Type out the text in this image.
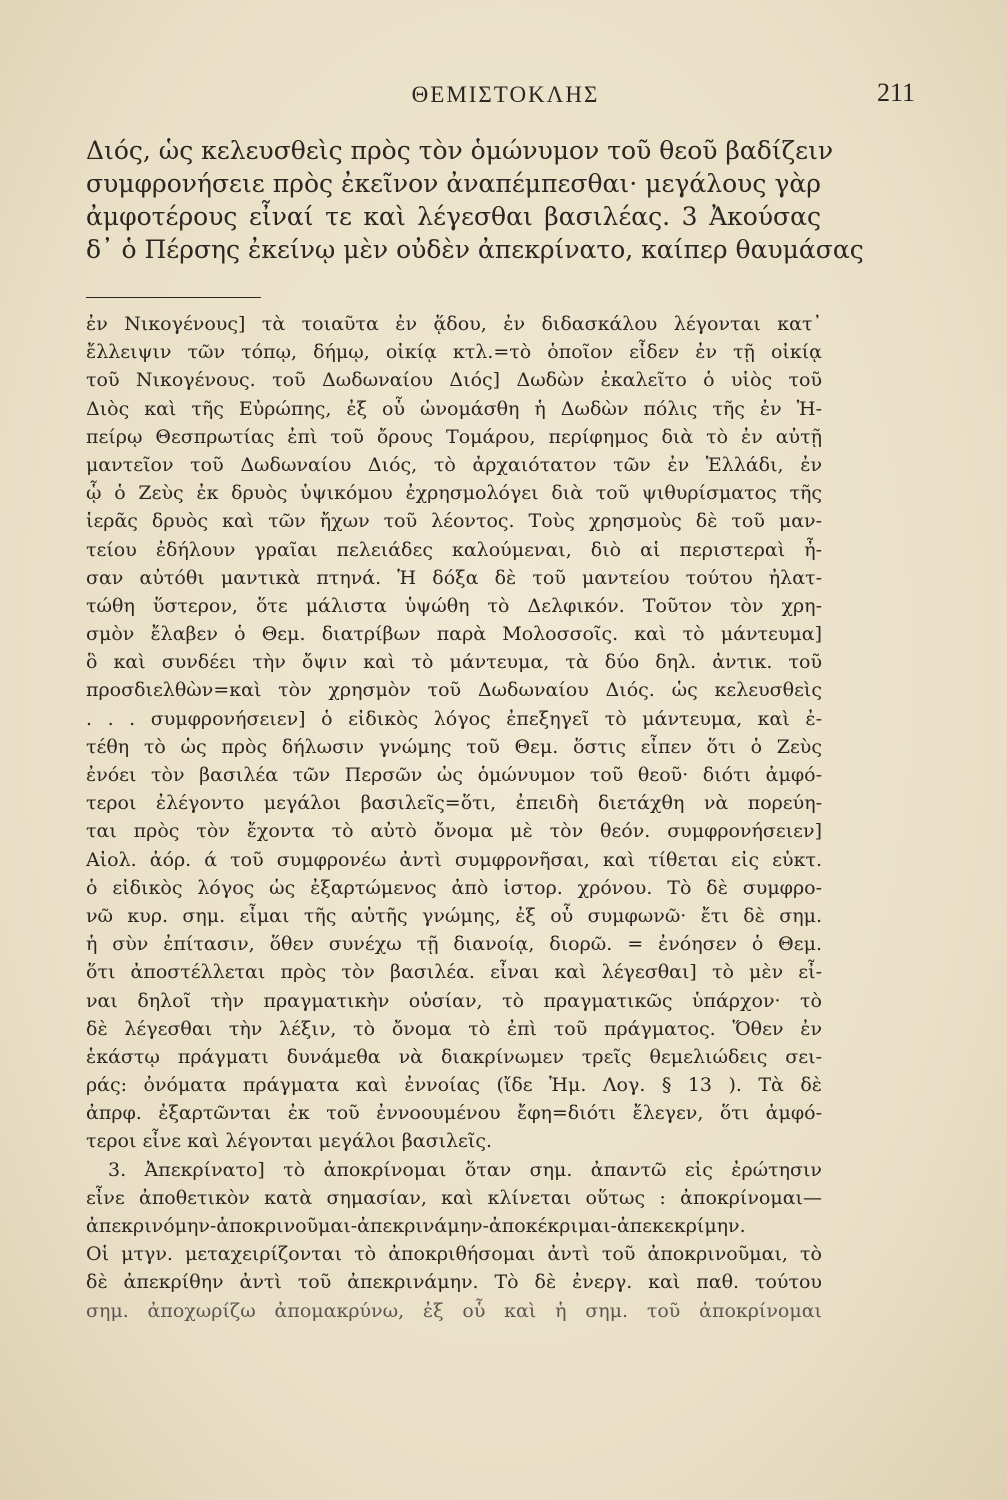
ΘΕΜΙΣΤΟΚΛΗΣ	211
Διός, ὡς κελευσθεὶς πρὸς τὸν ὁμώνυμον τοῦ θεοῦ βαδίζειν
συμφρονήσειε πρὸς ἐκεῖνον ἀναπέμπεσθαι· μεγάλους γὰρ
ἀμφοτέρους εἶναί τε καὶ λέγεσθαι βασιλέας. 3 Ἀκούσας
δ᾽ ὁ Πέρσης ἐκείνῳ μὲν οὐδὲν ἀπεκρίνατο, καίπερ θαυμάσας
ἐν Νικογένους] τὰ τοιαῦτα ἐν ᾅδου, ἐν διδασκάλου λέγονται κατ᾽
ἔλλειψιν τῶν τόπῳ, δήμῳ, οἰκίᾳ κτλ.=τὸ ὁποῖον εἶδεν ἐν τῇ οἰκίᾳ
τοῦ Νικογένους. τοῦ Δωδωναίου Διός] Δωδὼν ἐκαλεῖτο ὁ υἱὸς τοῦ
Διὸς καὶ τῆς Εὐρώπης, ἐξ οὗ ὠνομάσθη ἡ Δωδὼν πόλις τῆς ἐν Ἠ-
πείρῳ Θεσπρωτίας ἐπὶ τοῦ ὄρους Τομάρου, περίφημος διὰ τὸ ἐν αὐτῇ
μαντεῖον τοῦ Δωδωναίου Διός, τὸ ἀρχαιότατον τῶν ἐν Ἑλλάδι, ἐν
ᾧ ὁ Ζεὺς ἐκ δρυὸς ὑψικόμου ἐχρησμολόγει διὰ τοῦ ψιθυρίσματος τῆς
ἱερᾶς δρυὸς καὶ τῶν ἤχων τοῦ λέοντος. Τοὺς χρησμοὺς δὲ τοῦ μαν-
τείου ἐδήλουν γραῖαι πελειάδες καλούμεναι, διὸ αἱ περιστεραὶ ἦ-
σαν αὐτόθι μαντικὰ πτηνά. Ἡ δόξα δὲ τοῦ μαντείου τούτου ἠλατ-
τώθη ὕστερον, ὅτε μάλιστα ὑψώθη τὸ Δελφικόν. Τοῦτον τὸν χρη-
σμὸν ἔλαβεν ὁ Θεμ. διατρίβων παρὰ Μολοσσοῖς. καὶ τὸ μάντευμα]
ὃ καὶ συνδέει τὴν ὄψιν καὶ τὸ μάντευμα, τὰ δύο δηλ. ἀντικ. τοῦ
προσδιελθὼν=καὶ τὸν χρησμὸν τοῦ Δωδωναίου Διός. ὡς κελευσθεὶς
. . . συμφρονήσειεν] ὁ εἰδικὸς λόγος ἐπεξηγεῖ τὸ μάντευμα, καὶ ἐ-
τέθη τὸ ὡς πρὸς δήλωσιν γνώμης τοῦ Θεμ. ὅστις εἶπεν ὅτι ὁ Ζεὺς
ἐνόει τὸν βασιλέα τῶν Περσῶν ὡς ὁμώνυμον τοῦ θεοῦ· διότι ἀμφό-
τεροι ἐλέγοντο μεγάλοι βασιλεῖς=ὅτι, ἐπειδὴ διετάχθη νὰ πορεύη-
ται πρὸς τὸν ἔχοντα τὸ αὐτὸ ὄνομα μὲ τὸν θεόν. συμφρονήσειεν]
Αἰολ. ἀόρ. ά τοῦ συμφρονέω ἀντὶ συμφρονῆσαι, καὶ τίθεται εἰς εὐκτ.
ὁ εἰδικὸς λόγος ὡς ἐξαρτώμενος ἀπὸ ἱστορ. χρόνου. Τὸ δὲ συμφρο-
νῶ κυρ. σημ. εἶμαι τῆς αὐτῆς γνώμης, ἐξ οὗ συμφωνῶ· ἔτι δὲ σημ.
ἡ σὺν ἐπίτασιν, ὅθεν συνέχω τῇ διανοίᾳ, διορῶ. = ἐνόησεν ὁ Θεμ.
ὅτι ἀποστέλλεται πρὸς τὸν βασιλέα. εἶναι καὶ λέγεσθαι] τὸ μὲν εἶ-
ναι δηλοῖ τὴν πραγματικὴν οὐσίαν, τὸ πραγματικῶς ὑπάρχον· τὸ
δὲ λέγεσθαι τὴν λέξιν, τὸ ὄνομα τὸ ἐπὶ τοῦ πράγματος. Ὅθεν ἐν
ἑκάστῳ πράγματι δυνάμεθα νὰ διακρίνωμεν τρεῖς θεμελιώδεις σει-
ράς: ὀνόματα πράγματα καὶ ἐννοίας (ἴδε Ἡμ. Λογ. § 13 ). Τὰ δὲ
ἀπρφ. ἐξαρτῶνται ἐκ τοῦ ἐννοουμένου ἔφη=διότι ἔλεγεν, ὅτι ἀμφό-
τεροι εἶνε καὶ λέγονται μεγάλοι βασιλεῖς.
3. Ἀπεκρίνατο] τὸ ἀποκρίνομαι ὅταν σημ. ἀπαντῶ εἰς ἐρώτησιν
εἶνε ἀποθετικὸν κατὰ σημασίαν, καὶ κλίνεται οὕτως : ἀποκρίνομαι—
ἀπεκρινόμην-ἀποκρινοῦμαι-ἀπεκρινάμην-ἀποκέκριμαι-ἀπεκεκρίμην.
Οἱ μτγν. μεταχειρίζονται τὸ ἀποκριθήσομαι ἀντὶ τοῦ ἀποκρινοῦμαι, τὸ
δὲ ἀπεκρίθην ἀντὶ τοῦ ἀπεκρινάμην. Τὸ δὲ ἐνεργ. καὶ παθ. τούτου
σημ. ἀποχωρίζω ἀπομακρύνω, ἐξ οὗ καὶ ἡ σημ. τοῦ ἀποκρίνομαι
